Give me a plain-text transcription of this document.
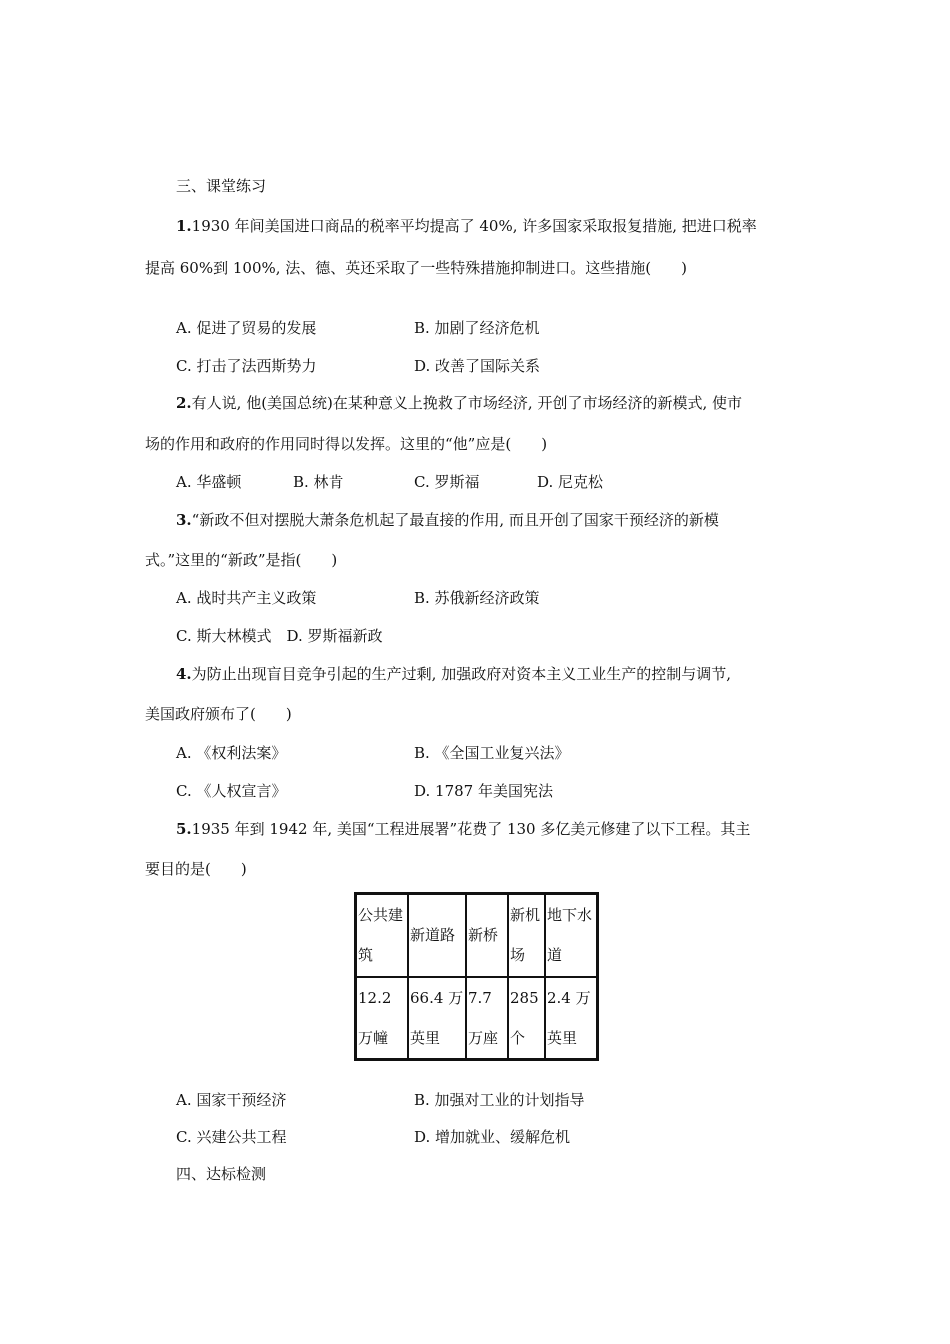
三、课堂练习
1.1930 年间美国进口商品的税率平均提高了 40%, 许多国家采取报复措施, 把进口税率
提高 60%到 100%, 法、德、英还采取了一些特殊措施抑制进口。这些措施(　　)
A. 促进了贸易的发展	B. 加剧了经济危机
C. 打击了法西斯势力	D. 改善了国际关系
2.有人说, 他(美国总统)在某种意义上挽救了市场经济, 开创了市场经济的新模式, 使市
场的作用和政府的作用同时得以发挥。这里的“他”应是(　　)
A. 华盛顿	B. 林肯	C. 罗斯福	D. 尼克松
3.“新政不但对摆脱大萧条危机起了最直接的作用, 而且开创了国家干预经济的新模
式。”这里的“新政”是指(　　)
A. 战时共产主义政策	B. 苏俄新经济政策
C. 斯大林模式　D. 罗斯福新政
4.为防止出现盲目竞争引起的生产过剩, 加强政府对资本主义工业生产的控制与调节,
美国政府颁布了(　　)
A. 《权利法案》	B. 《全国工业复兴法》
C. 《人权宣言》	D. 1787 年美国宪法
5.1935 年到 1942 年, 美国“工程进展署”花费了 130 多亿美元修建了以下工程。其主
要目的是(　　)
公共建筑	新道路	新桥	新机场	地下水道
12.2 万幢	66.4 万英里	7.7 万座	285 个	2.4 万英里
A. 国家干预经济	B. 加强对工业的计划指导
C. 兴建公共工程	D. 增加就业、缓解危机
四、达标检测
